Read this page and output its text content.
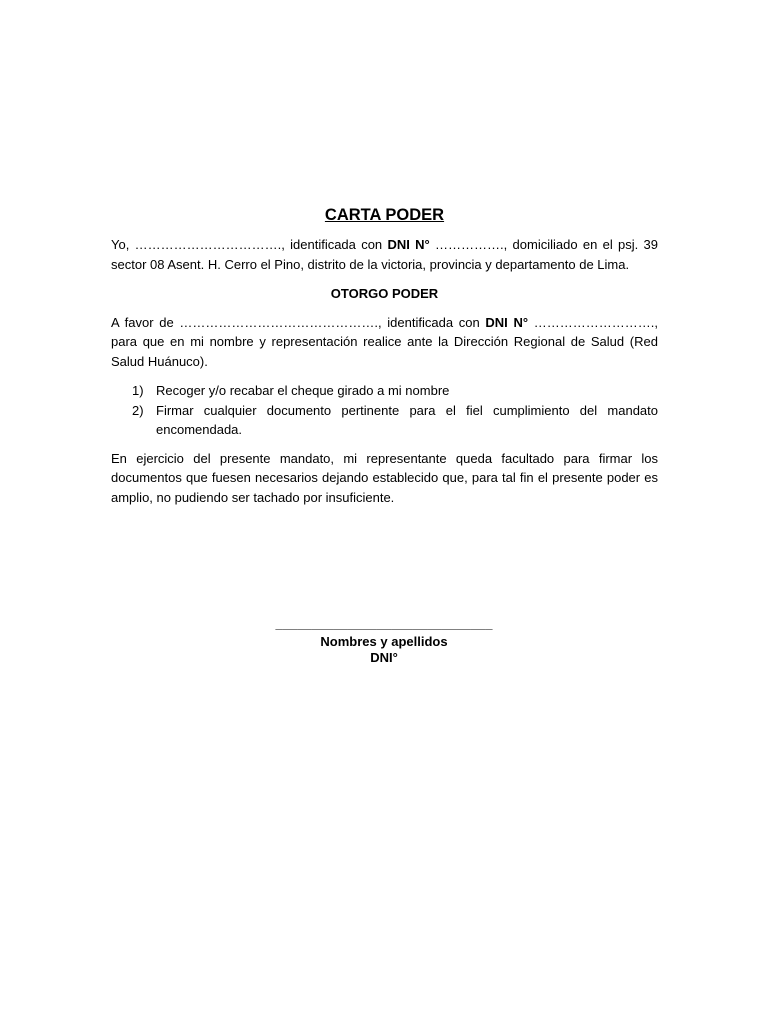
CARTA PODER

Yo, ……………………………., identificada con DNI N° ……………., domiciliado en el psj. 39 sector 08 Asent. H. Cerro el Pino, distrito de la victoria, provincia y departamento de Lima.

OTORGO PODER

A favor de ………………………………………., identificada con DNI N° ………………………., para que en mi nombre y representación realice ante la Dirección Regional de Salud (Red Salud Huánuco).

1) Recoger y/o recabar el cheque girado a mi nombre
2) Firmar cualquier documento pertinente para el fiel cumplimiento del mandato encomendada.

En ejercicio del presente mandato, mi representante queda facultado para firmar los documentos que fuesen necesarios dejando establecido que, para tal fin el presente poder es amplio, no pudiendo ser tachado por insuficiente.

______________________________
Nombres y apellidos
DNI°
